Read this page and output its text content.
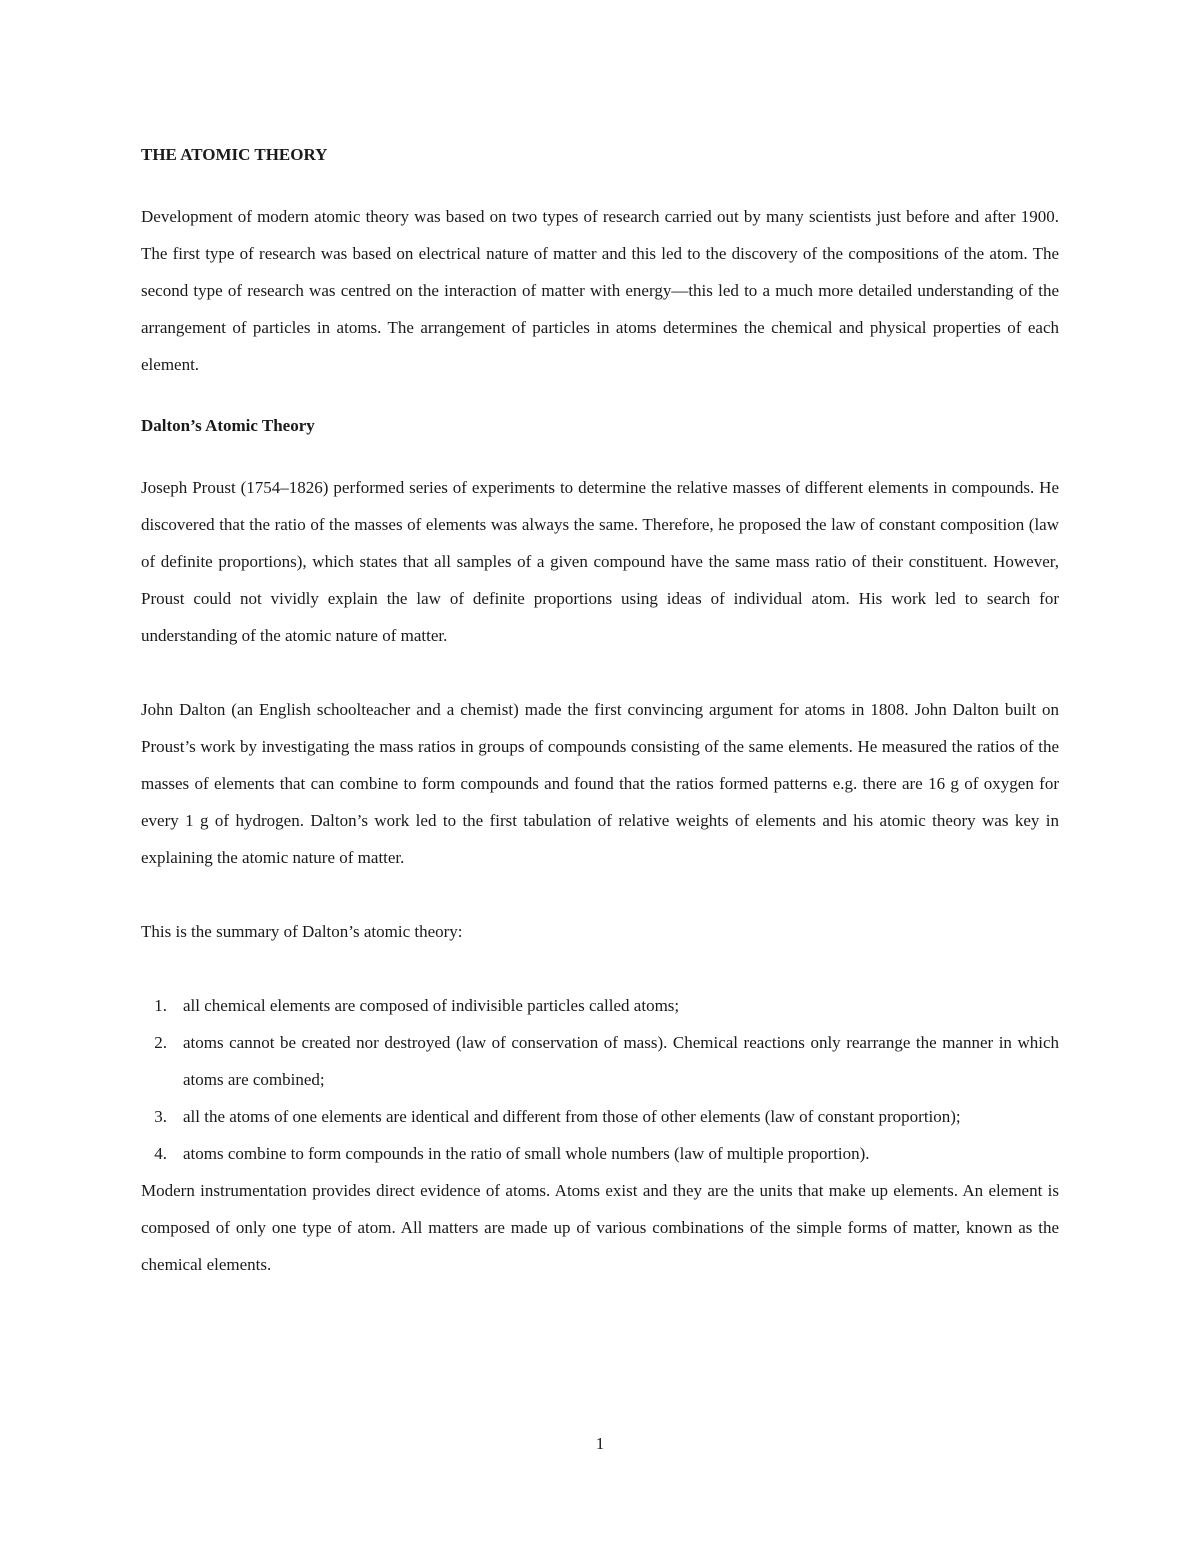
THE ATOMIC THEORY

Development of modern atomic theory was based on two types of research carried out by many scientists just before and after 1900. The first type of research was based on electrical nature of matter and this led to the discovery of the compositions of the atom. The second type of research was centred on the interaction of matter with energy—this led to a much more detailed understanding of the arrangement of particles in atoms. The arrangement of particles in atoms determines the chemical and physical properties of each element.

Dalton’s Atomic Theory

Joseph Proust (1754–1826) performed series of experiments to determine the relative masses of different elements in compounds. He discovered that the ratio of the masses of elements was always the same. Therefore, he proposed the law of constant composition (law of definite proportions), which states that all samples of a given compound have the same mass ratio of their constituent. However, Proust could not vividly explain the law of definite proportions using ideas of individual atom. His work led to search for understanding of the atomic nature of matter.

John Dalton (an English schoolteacher and a chemist) made the first convincing argument for atoms in 1808. John Dalton built on Proust’s work by investigating the mass ratios in groups of compounds consisting of the same elements. He measured the ratios of the masses of elements that can combine to form compounds and found that the ratios formed patterns e.g. there are 16 g of oxygen for every 1 g of hydrogen. Dalton’s work led to the first tabulation of relative weights of elements and his atomic theory was key in explaining the atomic nature of matter.

This is the summary of Dalton’s atomic theory:

1. all chemical elements are composed of indivisible particles called atoms;
2. atoms cannot be created nor destroyed (law of conservation of mass). Chemical reactions only rearrange the manner in which atoms are combined;
3. all the atoms of one elements are identical and different from those of other elements (law of constant proportion);
4. atoms combine to form compounds in the ratio of small whole numbers (law of multiple proportion).

Modern instrumentation provides direct evidence of atoms. Atoms exist and they are the units that make up elements. An element is composed of only one type of atom. All matters are made up of various combinations of the simple forms of matter, known as the chemical elements.

1
